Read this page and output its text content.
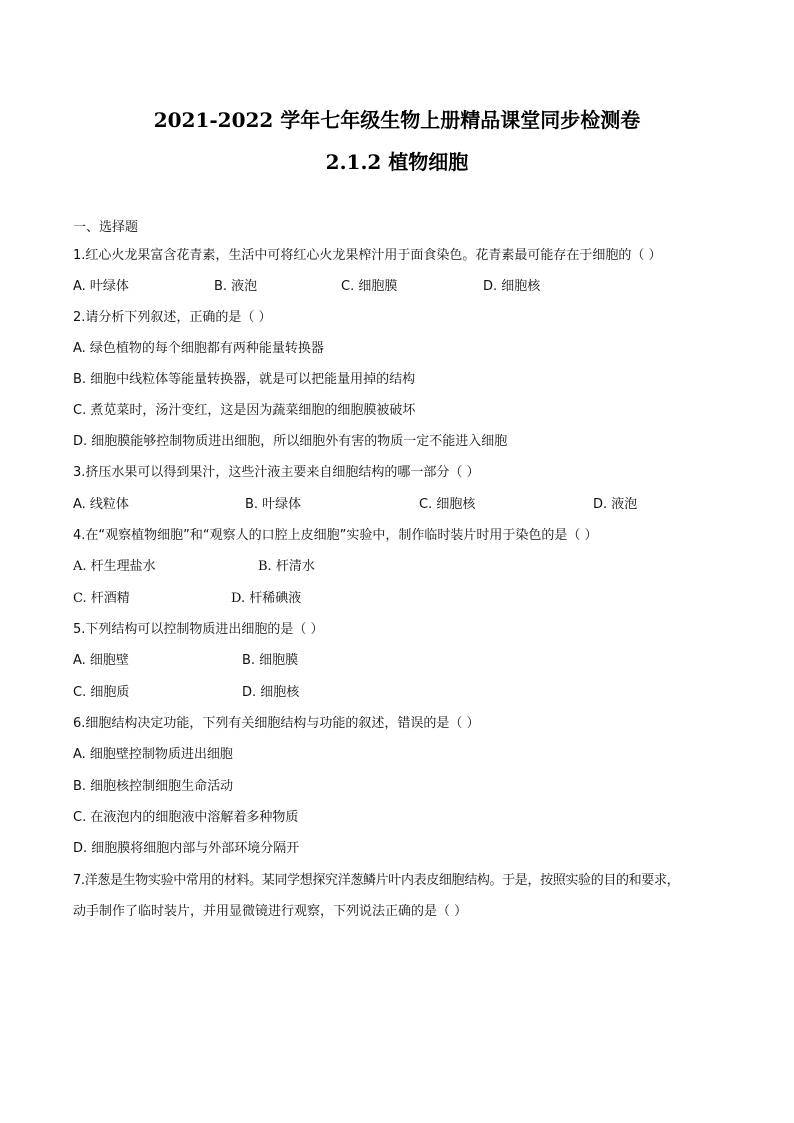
2021-2022 学年七年级生物上册精品课堂同步检测卷
2.1.2 植物细胞
一、选择题
1.红心火龙果富含花青素，生活中可将红心火龙果榨汁用于面食染色。花青素最可能存在于细胞的（ ）
A. 叶绿体	B. 液泡	C. 细胞膜	D. 细胞核
2.请分析下列叙述，正确的是（ ）
A. 绿色植物的每个细胞都有两种能量转换器
B. 细胞中线粒体等能量转换器，就是可以把能量用掉的结构
C. 煮苋菜时，汤汁变红，这是因为蔬菜细胞的细胞膜被破坏
D. 细胞膜能够控制物质进出细胞，所以细胞外有害的物质一定不能进入细胞
3.挤压水果可以得到果汁，这些汁液主要来自细胞结构的哪一部分（ ）
A. 线粒体	B. 叶绿体	C. 细胞核	D. 液泡
4.在“观察植物细胞”和“观察人的口腔上皮细胞”实验中，制作临时装片时用于染色的是（ ）
A. 杆生理盐水	B. 杆清水
C. 杆酒精	D. 杆稀碘液
5.下列结构可以控制物质进出细胞的是（ ）
A. 细胞壁	B. 细胞膜
C. 细胞质	D. 细胞核
6.细胞结构决定功能，下列有关细胞结构与功能的叙述，错误的是（ ）
A. 细胞壁控制物质进出细胞
B. 细胞核控制细胞生命活动
C. 在液泡内的细胞液中溶解着多种物质
D. 细胞膜将细胞内部与外部环境分隔开
7.洋葱是生物实验中常用的材料。某同学想探究洋葱鳞片叶内表皮细胞结构。于是，按照实验的目的和要求，
动手制作了临时装片，并用显微镜进行观察，下列说法正确的是（ ）
